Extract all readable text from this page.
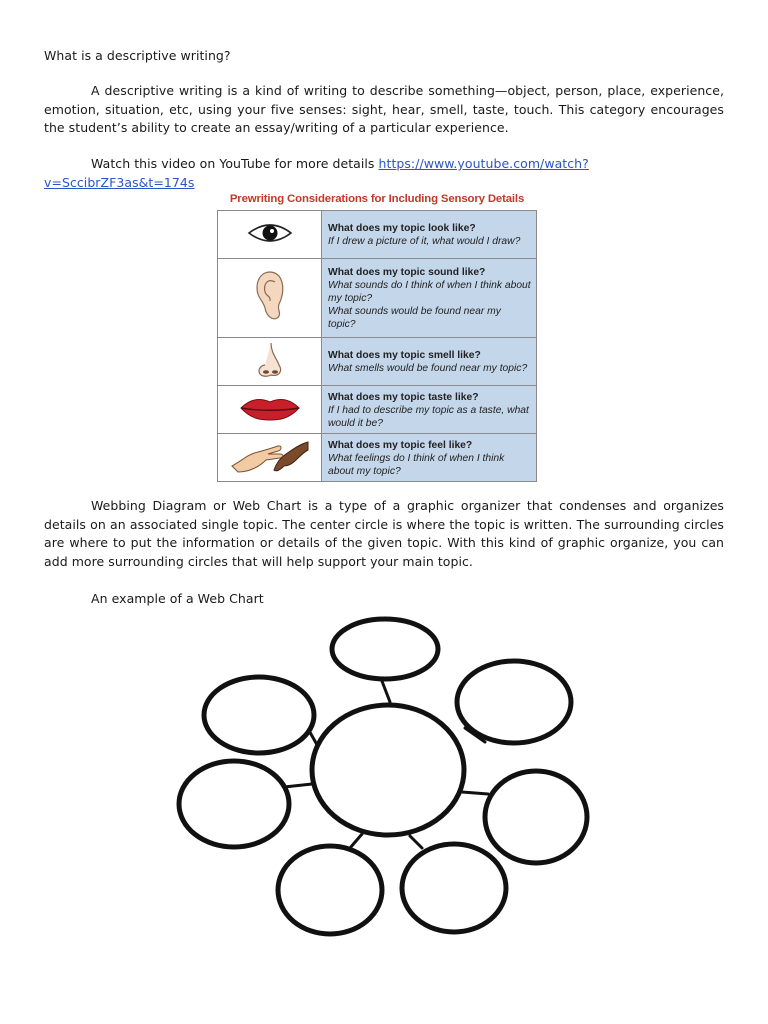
What is a descriptive writing?
A descriptive writing is a kind of writing to describe something—object, person, place, experience, emotion, situation, etc, using your five senses: sight, hear, smell, taste, touch. This category encourages the student’s ability to create an essay/writing of a particular experience.
Watch this video on YouTube for more details https://www.youtube.com/watch?v=SccibrZF3as&t=174s
Prewriting Considerations for Including Sensory Details

What does my topic look like?
If I drew a picture of it, what would I draw?

What does my topic sound like?
What sounds do I think of when I think about my topic?
What sounds would be found near my topic?

What does my topic smell like?
What smells would be found near my topic?

What does my topic taste like?
If I had to describe my topic as a taste, what would it be?

What does my topic feel like?
What feelings do I think of when I think about my topic?
Webbing Diagram or Web Chart is a type of a graphic organizer that condenses and organizes details on an associated single topic. The center circle is where the topic is written. The surrounding circles are where to put the information or details of the given topic. With this kind of graphic organize, you can add more surrounding circles that will help support your main topic.
An example of a Web Chart
